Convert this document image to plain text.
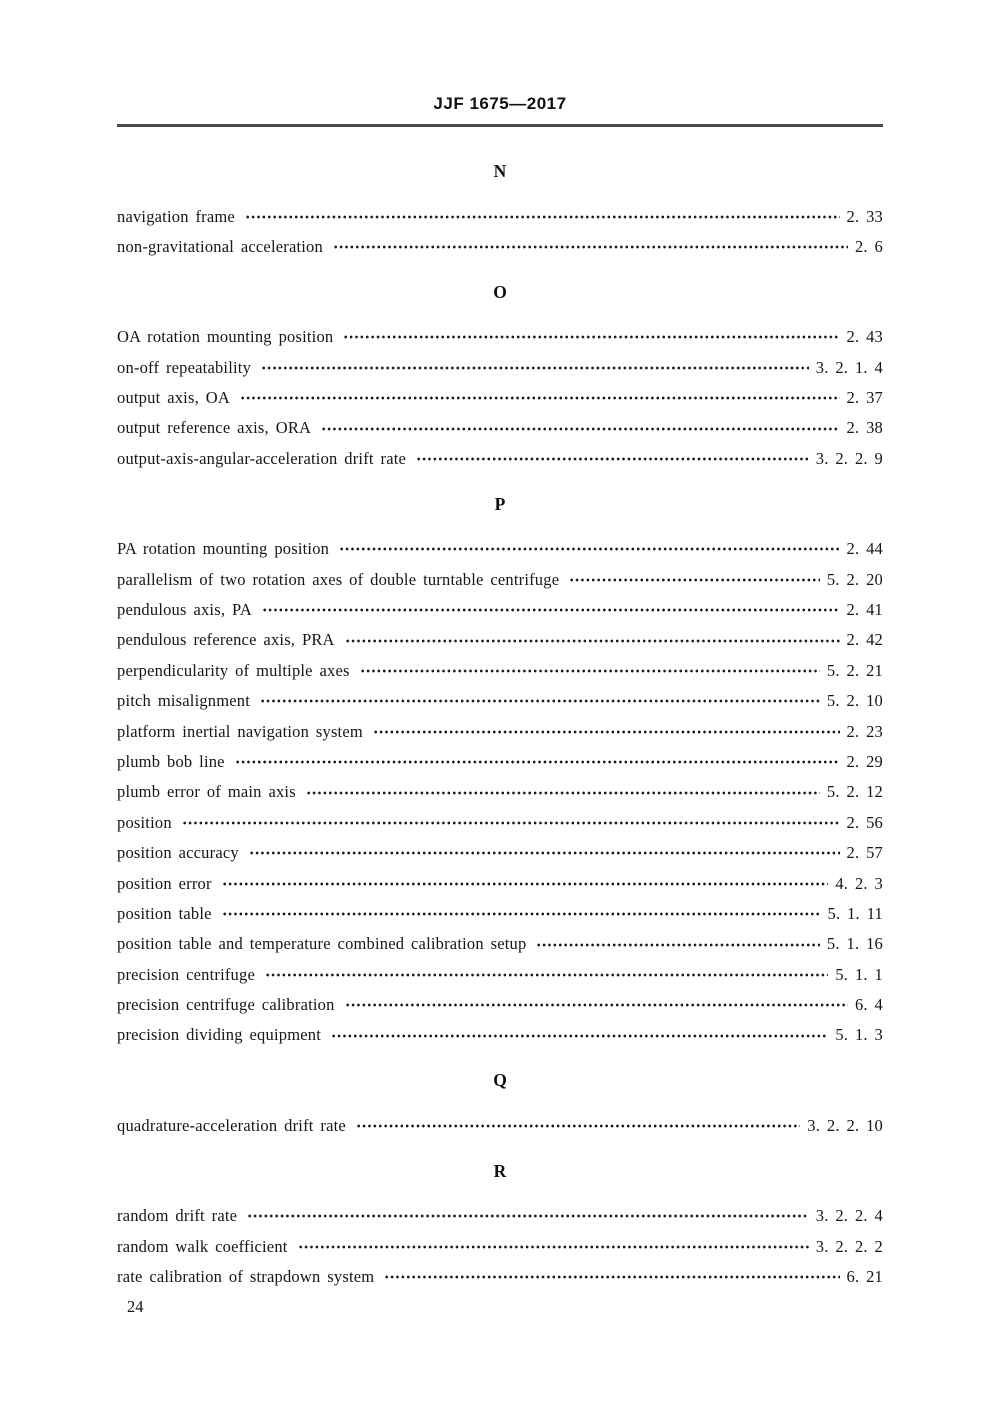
JJF 1675—2017
N
navigation frame	2. 33
non-gravitational acceleration	2. 6
O
OA rotation mounting position	2. 43
on-off repeatability	3. 2. 1. 4
output axis, OA	2. 37
output reference axis, ORA	2. 38
output-axis-angular-acceleration drift rate	3. 2. 2. 9
P
PA rotation mounting position	2. 44
parallelism of two rotation axes of double turntable centrifuge	5. 2. 20
pendulous axis, PA	2. 41
pendulous reference axis, PRA	2. 42
perpendicularity of multiple axes	5. 2. 21
pitch misalignment	5. 2. 10
platform inertial navigation system	2. 23
plumb bob line	2. 29
plumb error of main axis	5. 2. 12
position	2. 56
position accuracy	2. 57
position error	4. 2. 3
position table	5. 1. 11
position table and temperature combined calibration setup	5. 1. 16
precision centrifuge	5. 1. 1
precision centrifuge calibration	6. 4
precision dividing equipment	5. 1. 3
Q
quadrature-acceleration drift rate	3. 2. 2. 10
R
random drift rate	3. 2. 2. 4
random walk coefficient	3. 2. 2. 2
rate calibration of strapdown system	6. 21
24
